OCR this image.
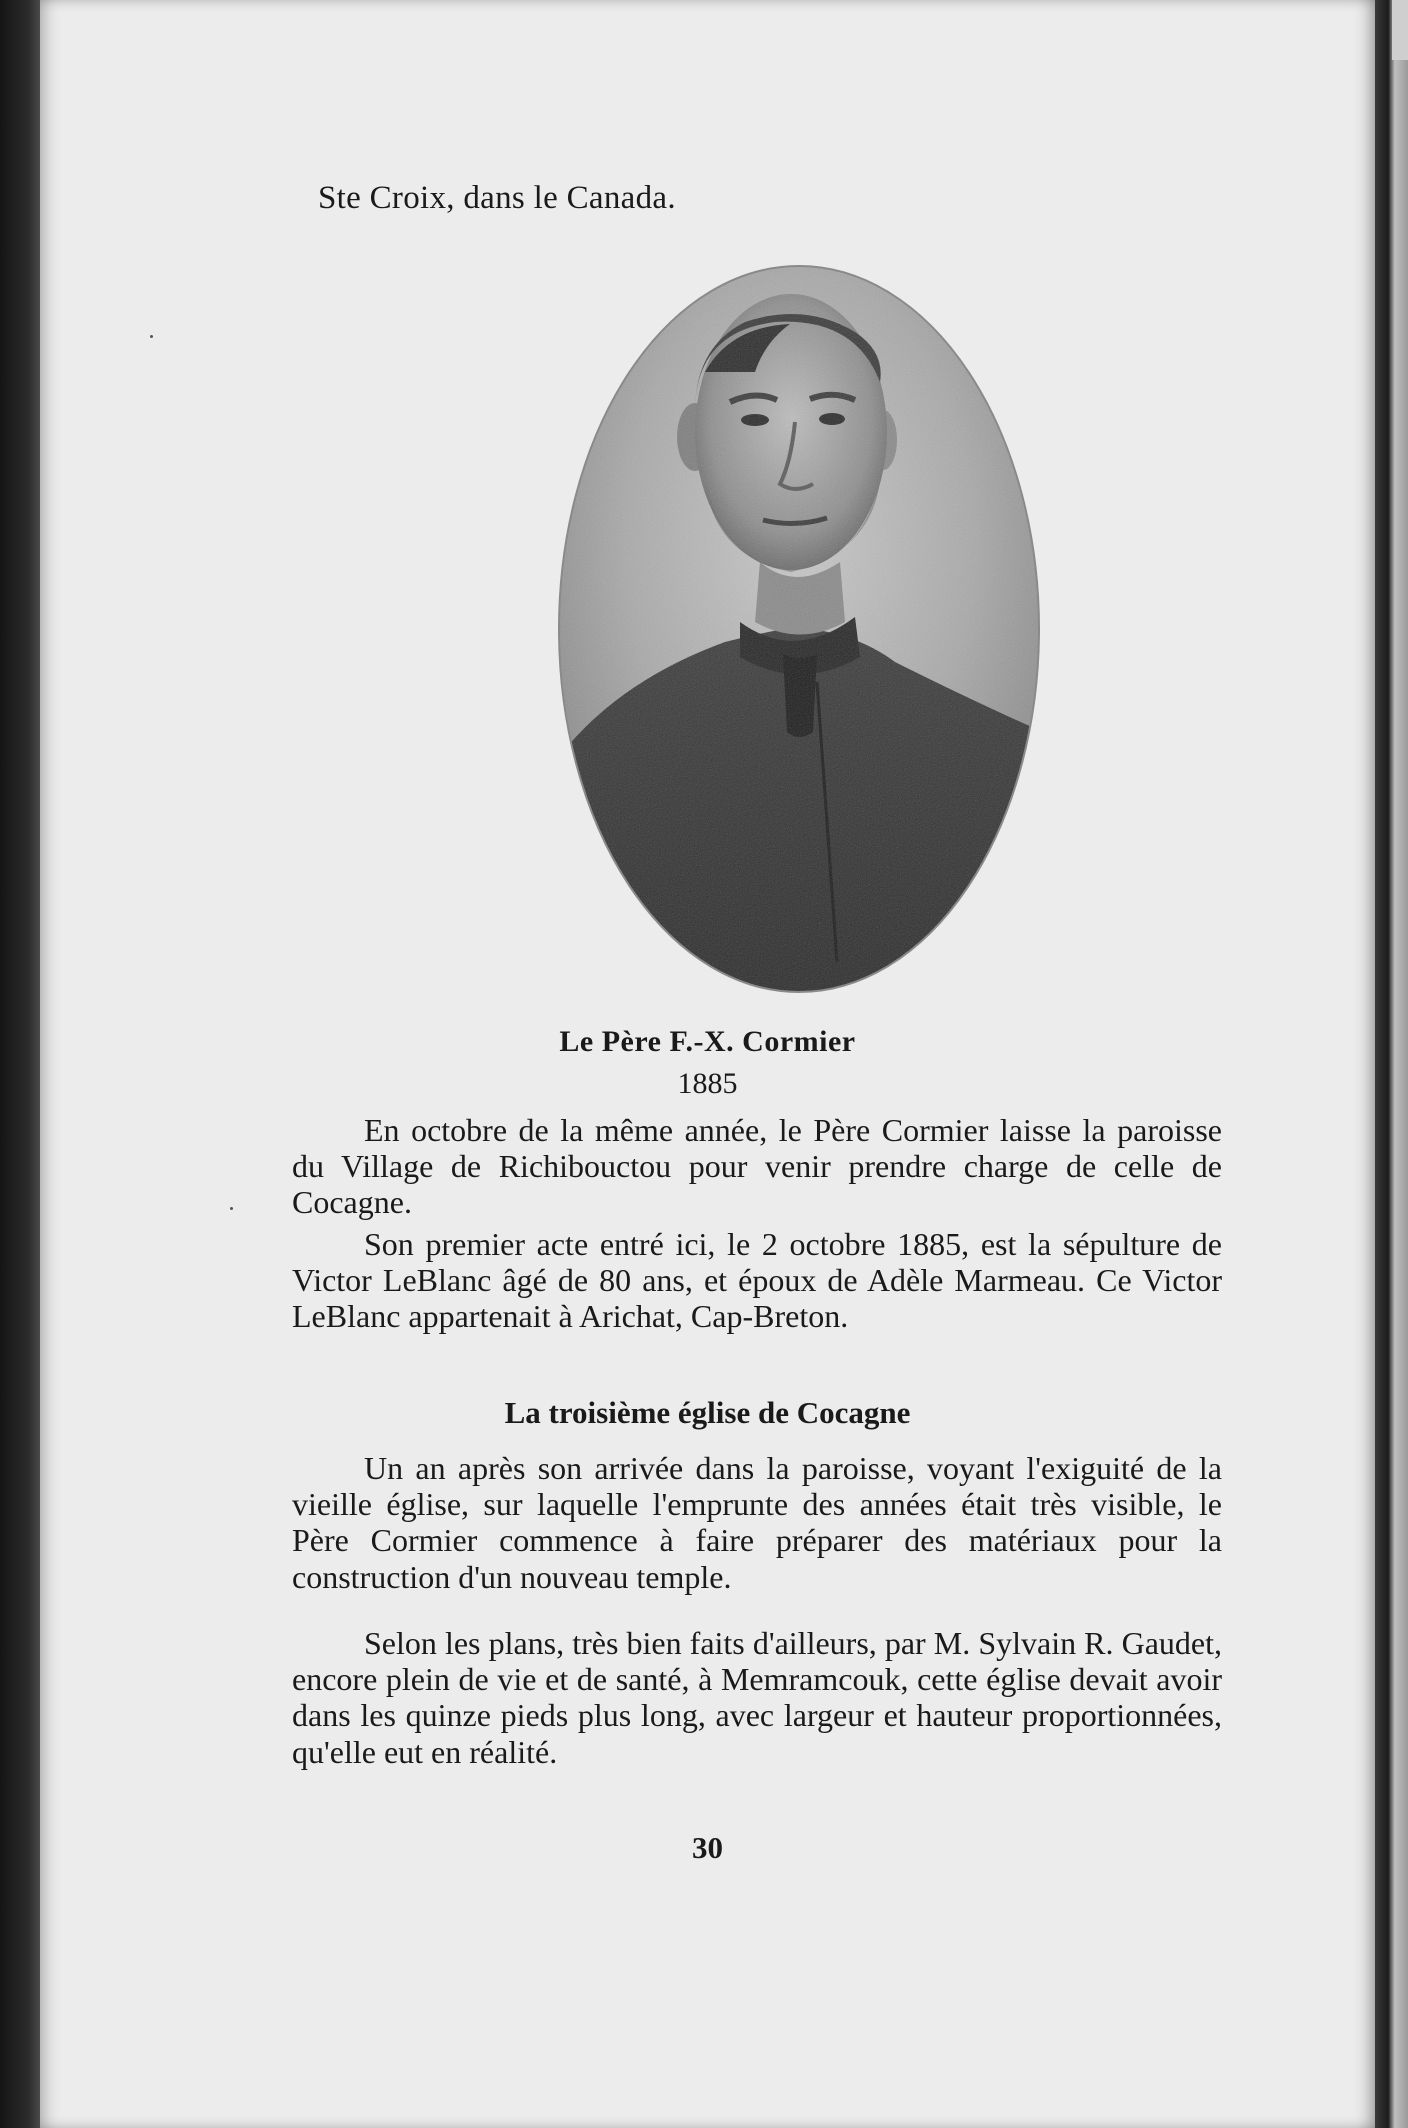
Ste Croix, dans le Canada.
Le Père F.-X. Cormier
1885

En octobre de la même année, le Père Cormier laisse la paroisse du Village de Richibouctou pour venir prendre charge de celle de Cocagne.

Son premier acte entré ici, le 2 octobre 1885, est la sépulture de Victor LeBlanc âgé de 80 ans, et époux de Adèle Marmeau. Ce Victor LeBlanc appartenait à Arichat, Cap-Breton.

La troisième église de Cocagne

Un an après son arrivée dans la paroisse, voyant l'exiguité de la vieille église, sur laquelle l'emprunte des années était très visible, le Père Cormier commence à faire préparer des matériaux pour la construction d'un nouveau temple.

Selon les plans, très bien faits d'ailleurs, par M. Sylvain R. Gaudet, encore plein de vie et de santé, à Memramcouk, cette église devait avoir dans les quinze pieds plus long, avec largeur et hauteur proportionnées, qu'elle eut en réalité.

30
